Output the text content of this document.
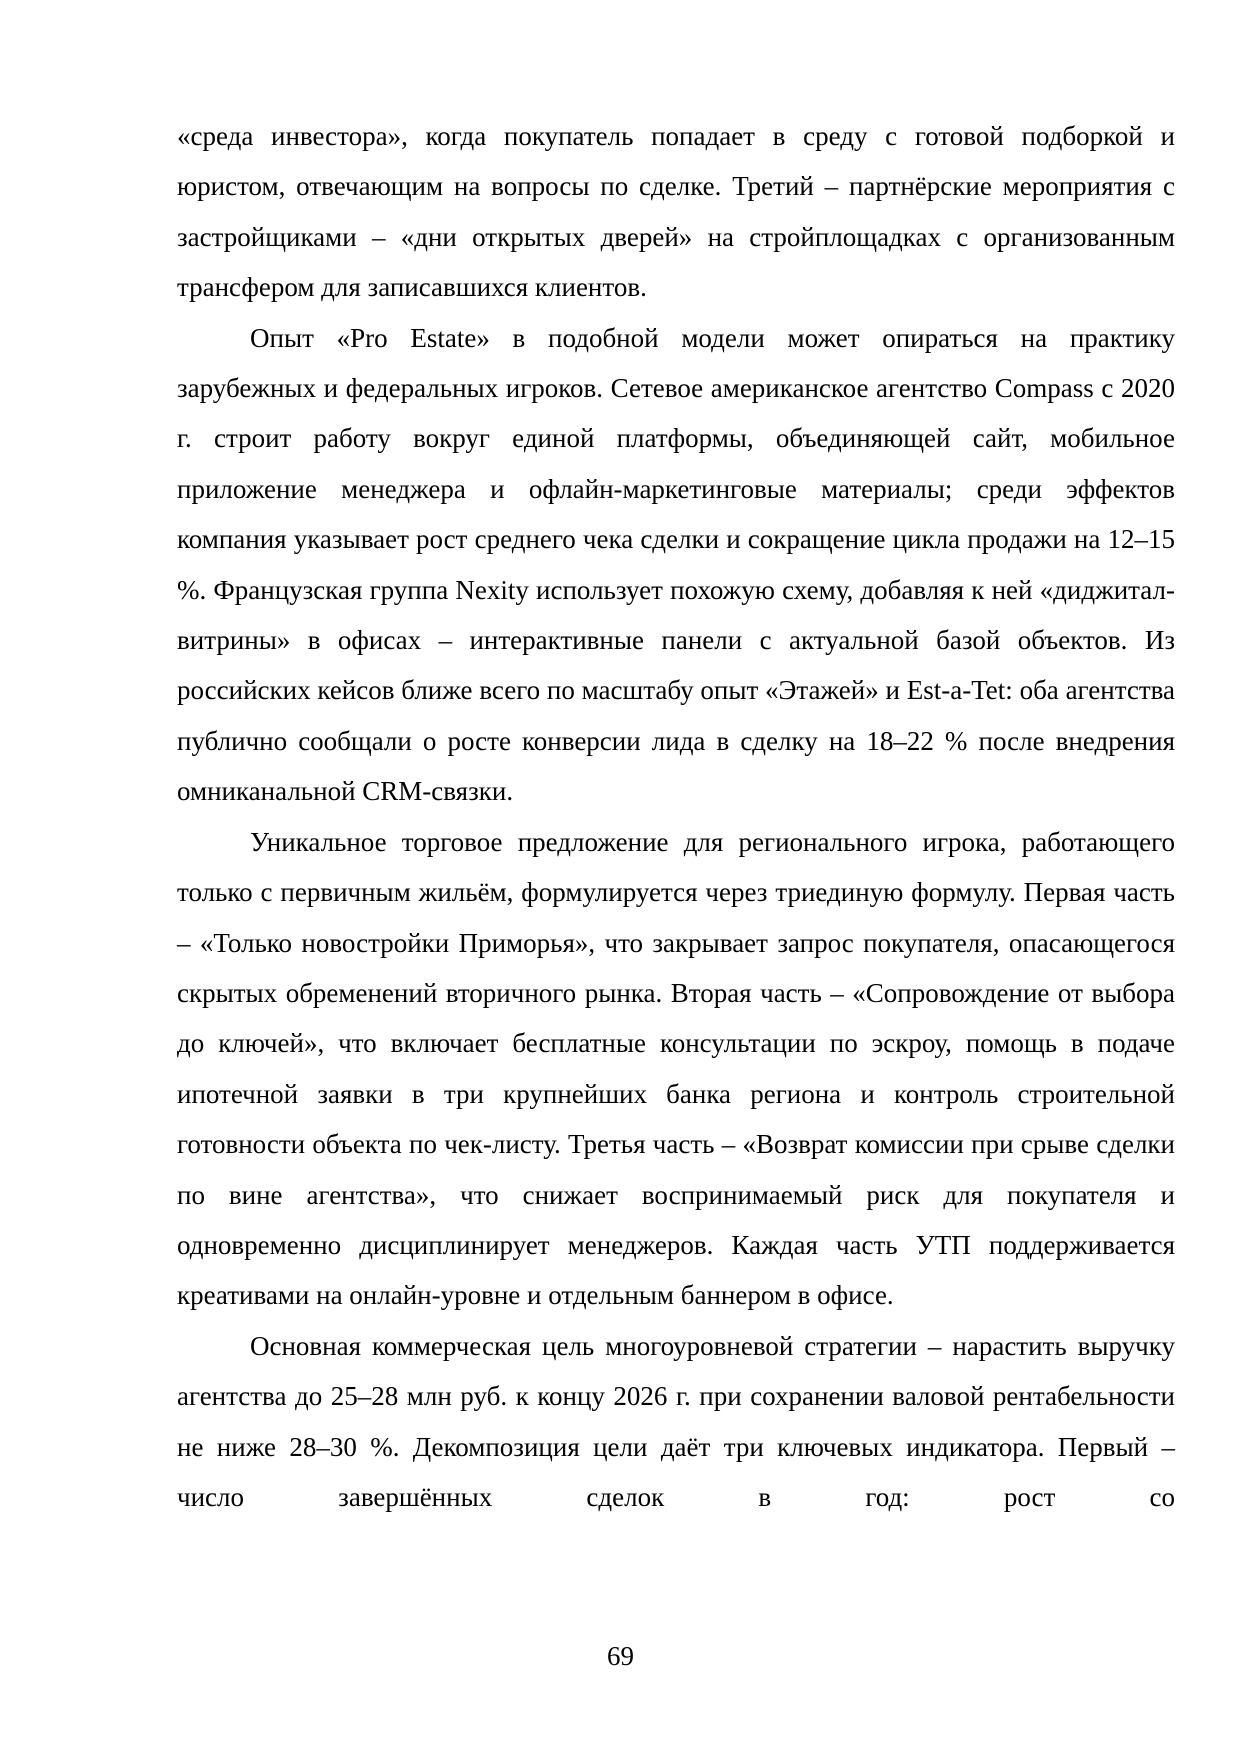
«среда инвестора», когда покупатель попадает в среду с готовой подборкой и юристом, отвечающим на вопросы по сделке. Третий – партнёрские мероприятия с застройщиками – «дни открытых дверей» на стройплощадках с организованным трансфером для записавшихся клиентов.

Опыт «Pro Estate» в подобной модели может опираться на практику зарубежных и федеральных игроков. Сетевое американское агентство Compass с 2020 г. строит работу вокруг единой платформы, объединяющей сайт, мобильное приложение менеджера и офлайн-маркетинговые материалы; среди эффектов компания указывает рост среднего чека сделки и сокращение цикла продажи на 12–15 %. Французская группа Nexity использует похожую схему, добавляя к ней «диджитал-витрины» в офисах – интерактивные панели с актуальной базой объектов. Из российских кейсов ближе всего по масштабу опыт «Этажей» и Est-a-Tet: оба агентства публично сообщали о росте конверсии лида в сделку на 18–22 % после внедрения омниканальной CRM-связки.

Уникальное торговое предложение для регионального игрока, работающего только с первичным жильём, формулируется через триединую формулу. Первая часть – «Только новостройки Приморья», что закрывает запрос покупателя, опасающегося скрытых обременений вторичного рынка. Вторая часть – «Сопровождение от выбора до ключей», что включает бесплатные консультации по эскроу, помощь в подаче ипотечной заявки в три крупнейших банка региона и контроль строительной готовности объекта по чек-листу. Третья часть – «Возврат комиссии при срыве сделки по вине агентства», что снижает воспринимаемый риск для покупателя и одновременно дисциплинирует менеджеров. Каждая часть УТП поддерживается креативами на онлайн-уровне и отдельным баннером в офисе.

Основная коммерческая цель многоуровневой стратегии – нарастить выручку агентства до 25–28 млн руб. к концу 2026 г. при сохранении валовой рентабельности не ниже 28–30 %. Декомпозиция цели даёт три ключевых индикатора. Первый – число завершённых сделок в год: рост со

69
